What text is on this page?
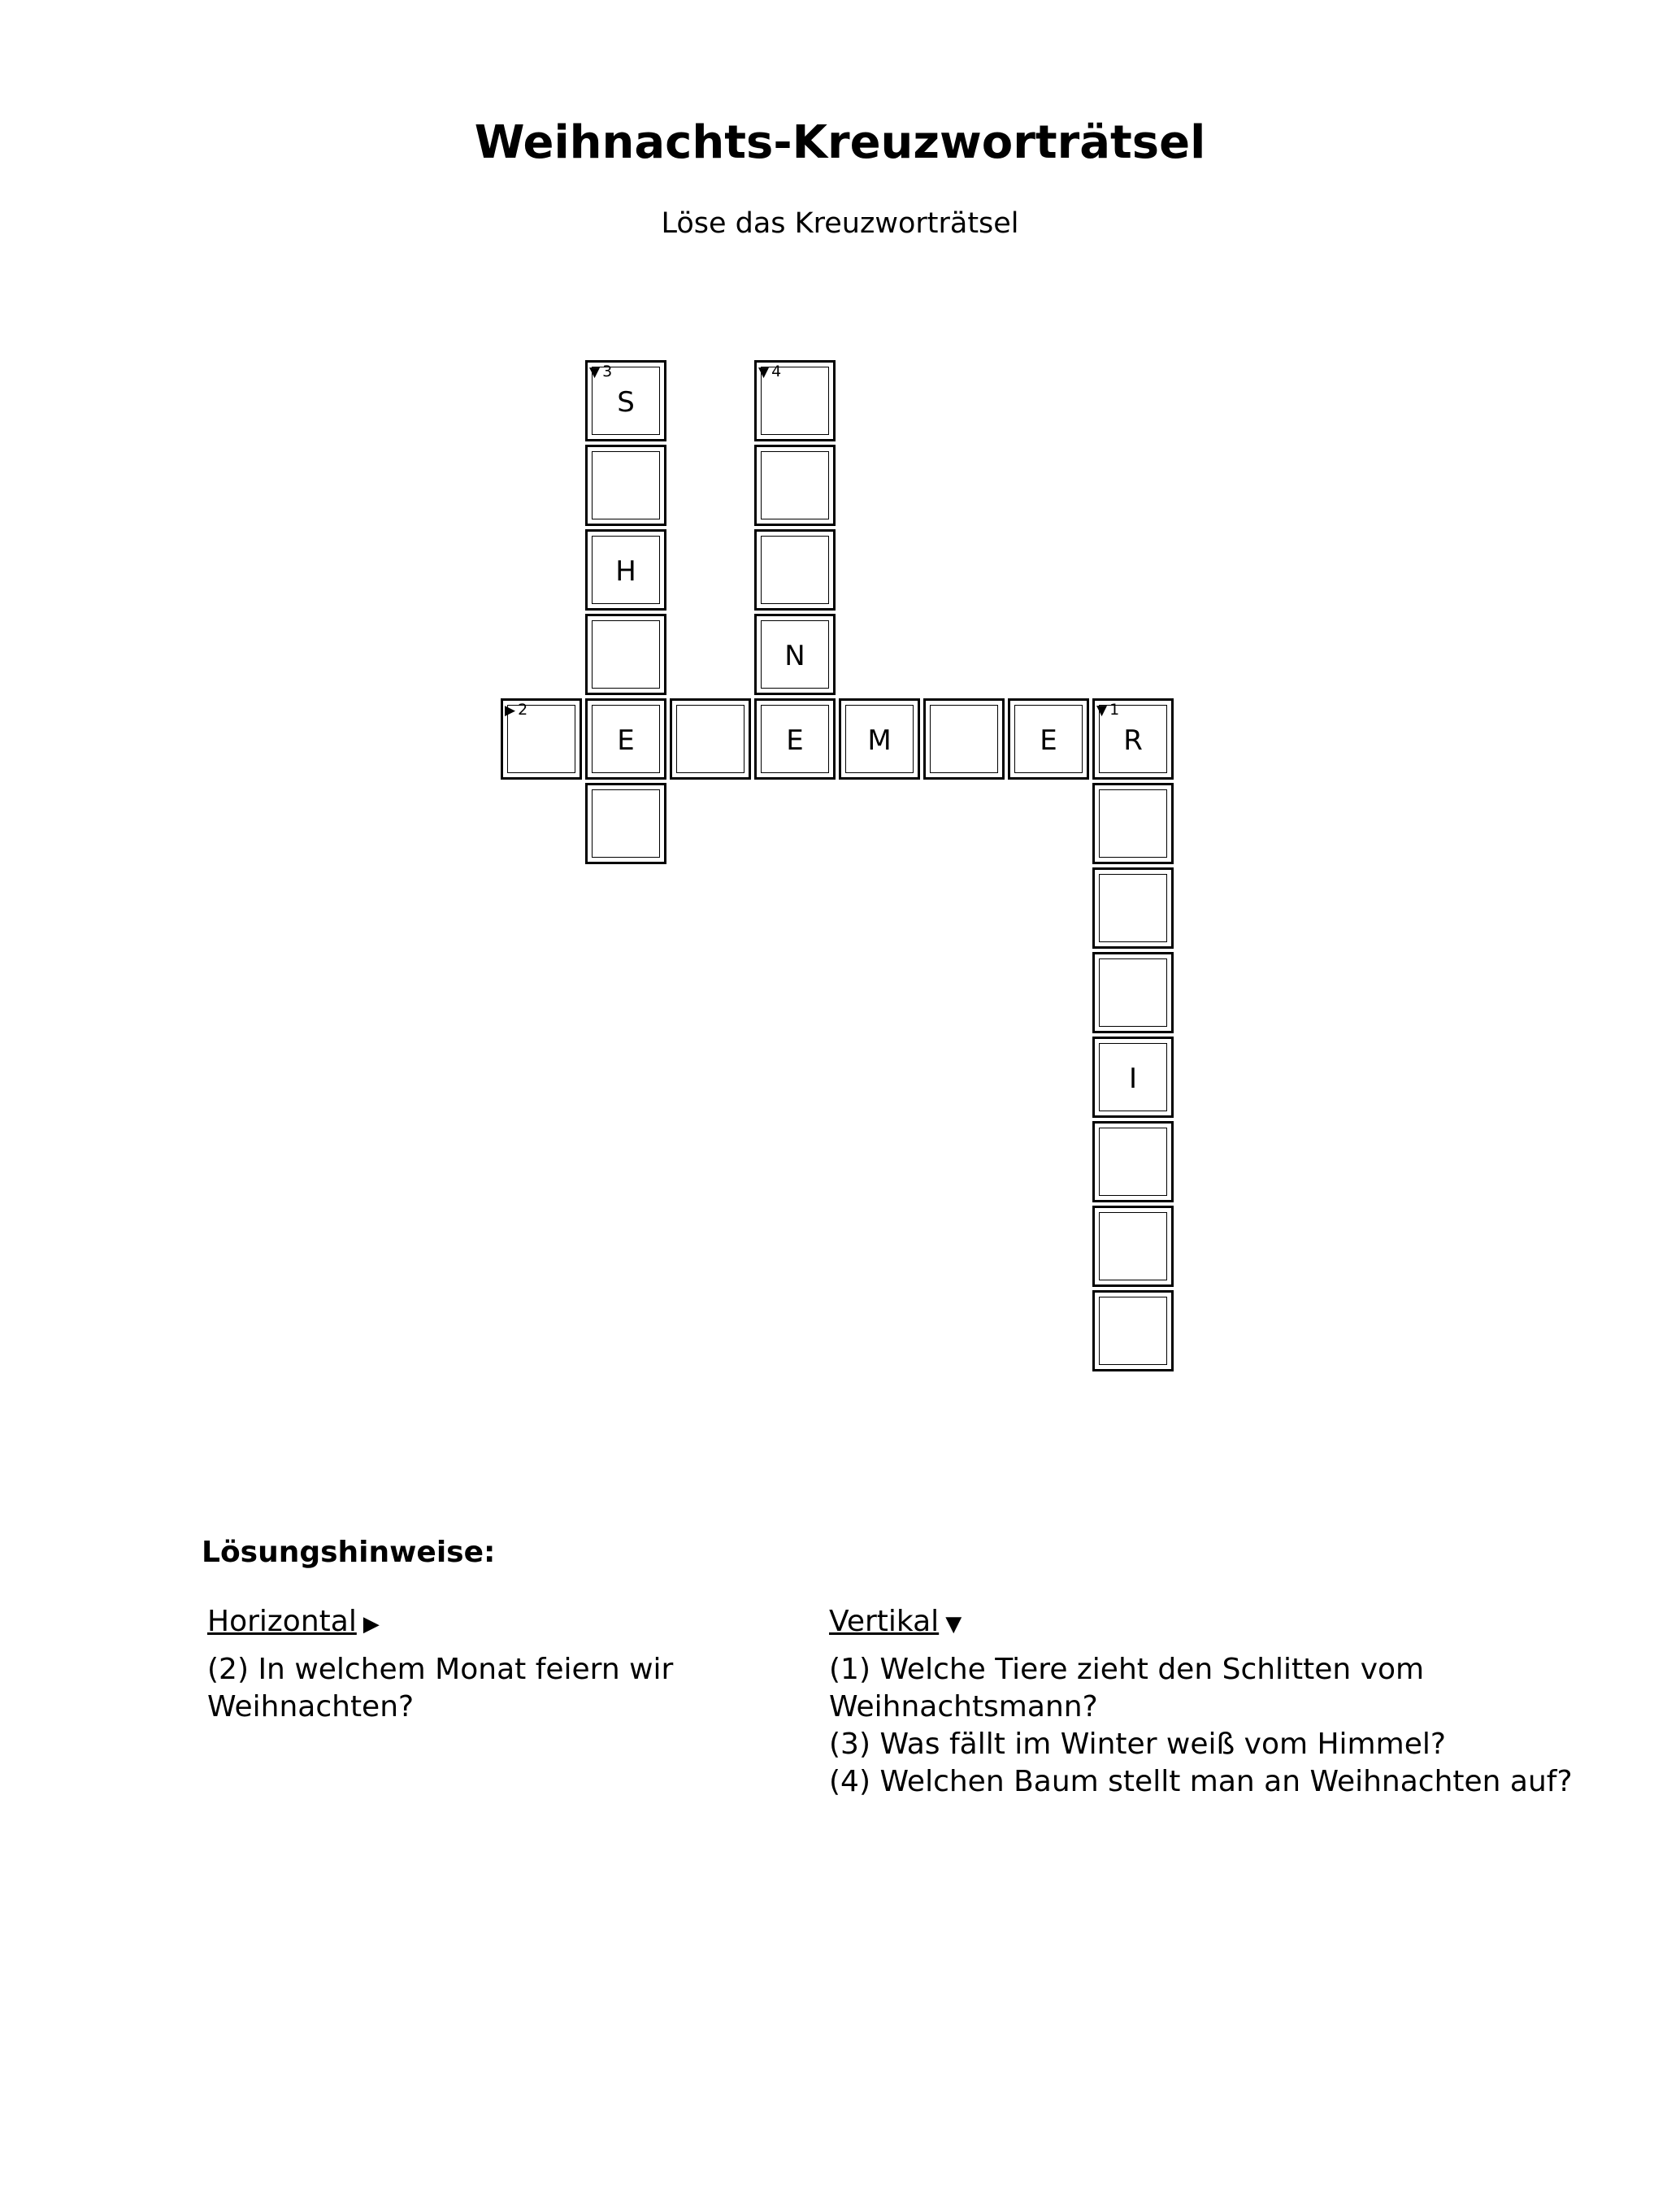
Weihnachts-Kreuzworträtsel
Löse das Kreuzworträtsel
▼ 3
S
H
E
▼ 4
N
▶ 2
E	M	E
▼ 1
R
I
Lösungshinweise:
Horizontal ▶

(2) In welchem Monat feiern wir Weihnachten?

Vertikal ▼

(1) Welche Tiere zieht den Schlitten vom Weihnachtsmann?

(3) Was fällt im Winter weiß vom Himmel?

(4) Welchen Baum stellt man an Weihnachten auf?
